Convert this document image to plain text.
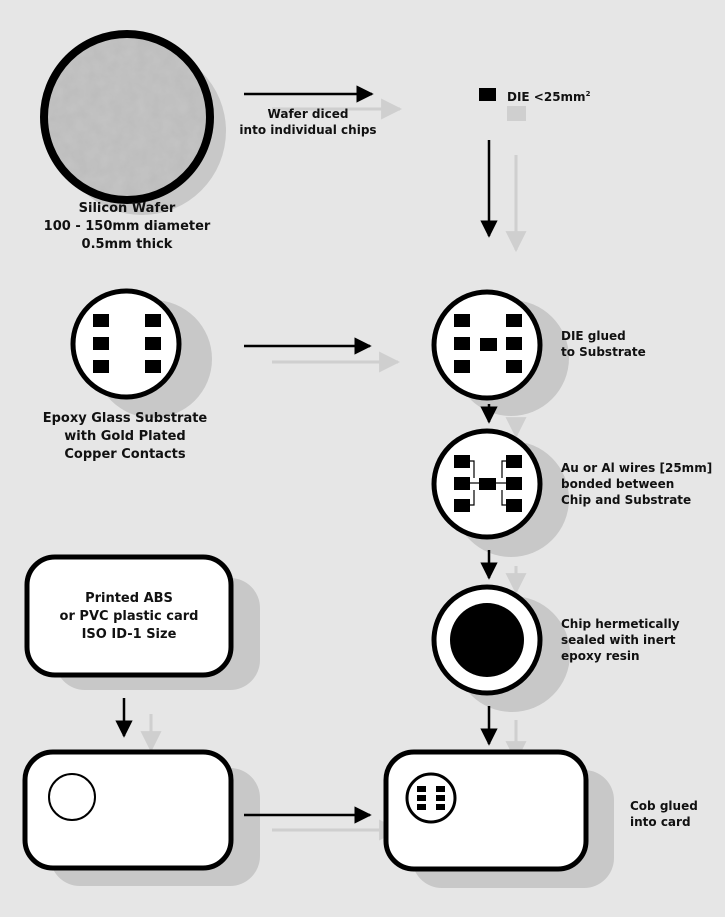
Silicon Wafer
100 - 150mm diameter
0.5mm thick
Wafer diced
into individual chips
DIE $<25mm^2$
Epoxy Glass Substrate
with Gold Plated
Copper Contacts
DIE glued
to Substrate
Au or Al wires [25mm]
bonded between
Chip and Substrate
Chip hermetically
sealed with inert
epoxy resin
Printed ABS
or PVC plastic card
ISO ID-1 Size
Cob glued
into card
